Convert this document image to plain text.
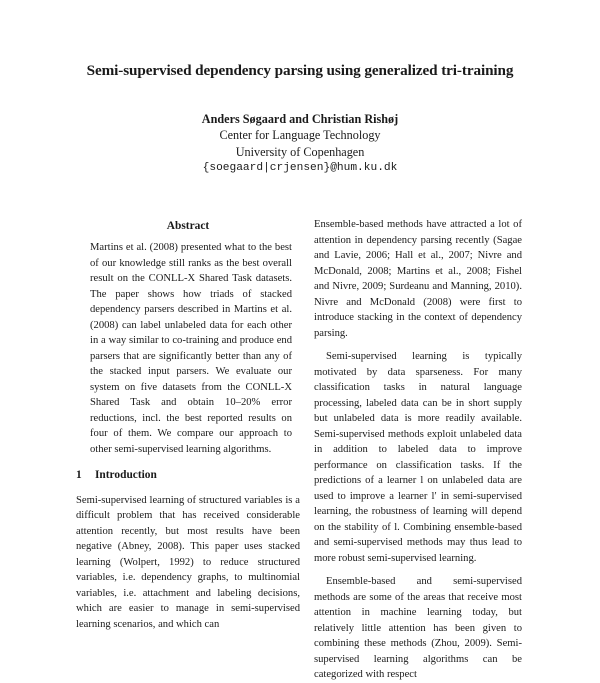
Semi-supervised dependency parsing using generalized tri-training
Anders Søgaard and Christian Rishøj
Center for Language Technology
University of Copenhagen
{soegaard|crjensen}@hum.ku.dk

Abstract

Martins et al. (2008) presented what to the best of our knowledge still ranks as the best overall result on the CONLL-X Shared Task datasets. The paper shows how triads of stacked dependency parsers described in Martins et al. (2008) can label unlabeled data for each other in a way similar to co-training and produce end parsers that are significantly better than any of the stacked input parsers. We evaluate our system on five datasets from the CONLL-X Shared Task and obtain 10–20% error reductions, incl. the best reported results on four of them. We compare our approach to other semi-supervised learning algorithms.

1 Introduction

Semi-supervised learning of structured variables is a difficult problem that has received considerable attention recently, but most results have been negative (Abney, 2008). This paper uses stacked learning (Wolpert, 1992) to reduce structured variables, i.e. dependency graphs, to multinomial variables, i.e. attachment and labeling decisions, which are easier to manage in semi-supervised learning scenarios, and which can

Ensemble-based methods have attracted a lot of attention in dependency parsing recently (Sagae and Lavie, 2006; Hall et al., 2007; Nivre and McDonald, 2008; Martins et al., 2008; Fishel and Nivre, 2009; Surdeanu and Manning, 2010). Nivre and McDonald (2008) were first to introduce stacking in the context of dependency parsing.

Semi-supervised learning is typically motivated by data sparseness. For many classification tasks in natural language processing, labeled data can be in short supply but unlabeled data is more readily available. Semi-supervised methods exploit unlabeled data in addition to labeled data to improve performance on classification tasks. If the predictions of a learner l on unlabeled data are used to improve a learner l′ in semi-supervised learning, the robustness of learning will depend on the stability of l. Combining ensemble-based and semi-supervised methods may thus lead to more robust semi-supervised learning.

Ensemble-based and semi-supervised methods are some of the areas that receive most attention in machine learning today, but relatively little attention has been given to combining these methods (Zhou, 2009). Semi-supervised learning algorithms can be categorized with respect
